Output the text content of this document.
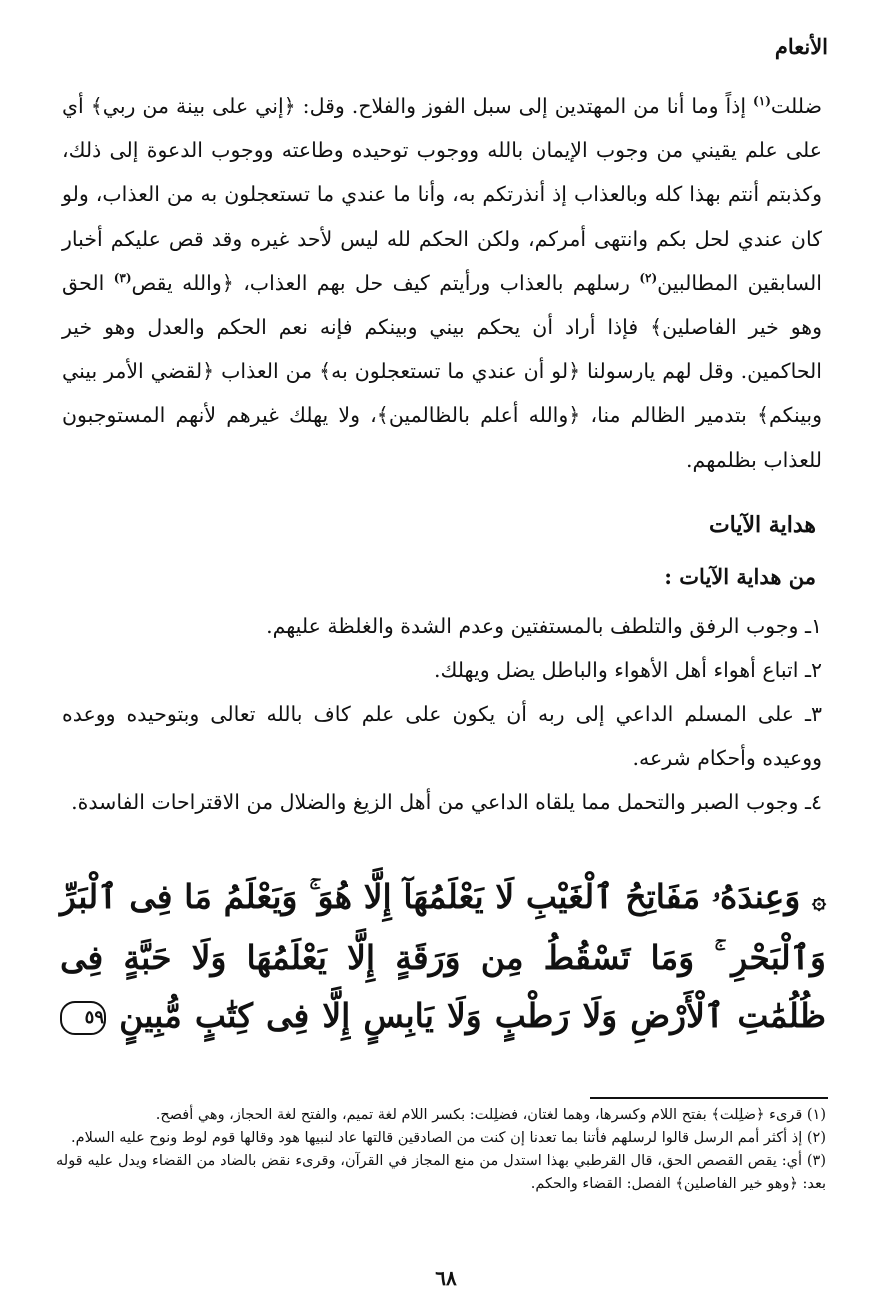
الأنعام

ضللت$^{(١)}$ إذاً وما أنا من المهتدين إلى سبل الفوز والفلاح. وقل: ﴿إني على بينة من ربي﴾ أي على علم يقيني من وجوب الإيمان بالله ووجوب توحيده وطاعته ووجوب الدعوة إلى ذلك، وكذبتم أنتم بهذا كله وبالعذاب إذ أنذرتكم به، وأنا ما عندي ما تستعجلون به من العذاب، ولو كان عندي لحل بكم وانتهى أمركم، ولكن الحكم لله ليس لأحد غيره وقد قص عليكم أخبار السابقين المطالبين$^{(٢)}$ رسلهم بالعذاب ورأيتم كيف حل بهم العذاب، ﴿والله يقص$^{(٣)}$ الحق وهو خير الفاصلين﴾ فإذا أراد أن يحكم بيني وبينكم فإنه نعم الحكم والعدل وهو خير الحاكمين. وقل لهم يارسولنا ﴿لو أن عندي ما تستعجلون به﴾ من العذاب ﴿لقضي الأمر بيني وبينكم﴾ بتدمير الظالم منا، ﴿والله أعلم بالظالمين﴾، ولا يهلك غيرهم لأنهم المستوجبون للعذاب بظلمهم.

هداية الآيات
من هداية الآيات :
١ـ وجوب الرفق والتلطف بالمستفتين وعدم الشدة والغلظة عليهم.
٢ـ اتباع أهواء أهل الأهواء والباطل يضل ويهلك.
٣ـ على المسلم الداعي إلى ربه أن يكون على علم كاف بالله تعالى وبتوحيده ووعده ووعيده وأحكام شرعه.
٤ـ وجوب الصبر والتحمل مما يلقاه الداعي من أهل الزيغ والضلال من الاقتراحات الفاسدة.
۞ وَعِندَهُۥ مَفَاتِحُ ٱلْغَيْبِ لَا يَعْلَمُهَآ إِلَّا هُوَ ۚ وَيَعْلَمُ مَا فِى ٱلْبَرِّ وَٱلْبَحْرِ ۚ وَمَا تَسْقُطُ مِن وَرَقَةٍ إِلَّا يَعْلَمُهَا وَلَا حَبَّةٍ فِى ظُلُمَٰتِ ٱلْأَرْضِ وَلَا رَطْبٍ وَلَا يَابِسٍ إِلَّا فِى كِتَٰبٍ مُّبِينٍ ٥٩

(١) قرىء ﴿ضلِلت﴾ بفتح اللام وكسرها، وهما لغتان، فضلِلت: بكسر اللام لغة تميم، والفتح لغة الحجاز، وهي أفصح.

(٢) إذ أكثر أمم الرسل قالوا لرسلهم فأتنا بما تعدنا إن كنت من الصادقين قالتها عاد لنبيها هود وقالها قوم لوط ونوح عليه السلام.

(٣) أي: يقص القصص الحق، قال القرطبي بهذا استدل من منع المجاز في القرآن، وقرىء نقض بالضاد من القضاء ويدل عليه قوله بعد: ﴿وهو خير الفاصلين﴾ الفصل: القضاء والحكم.

٦٨
